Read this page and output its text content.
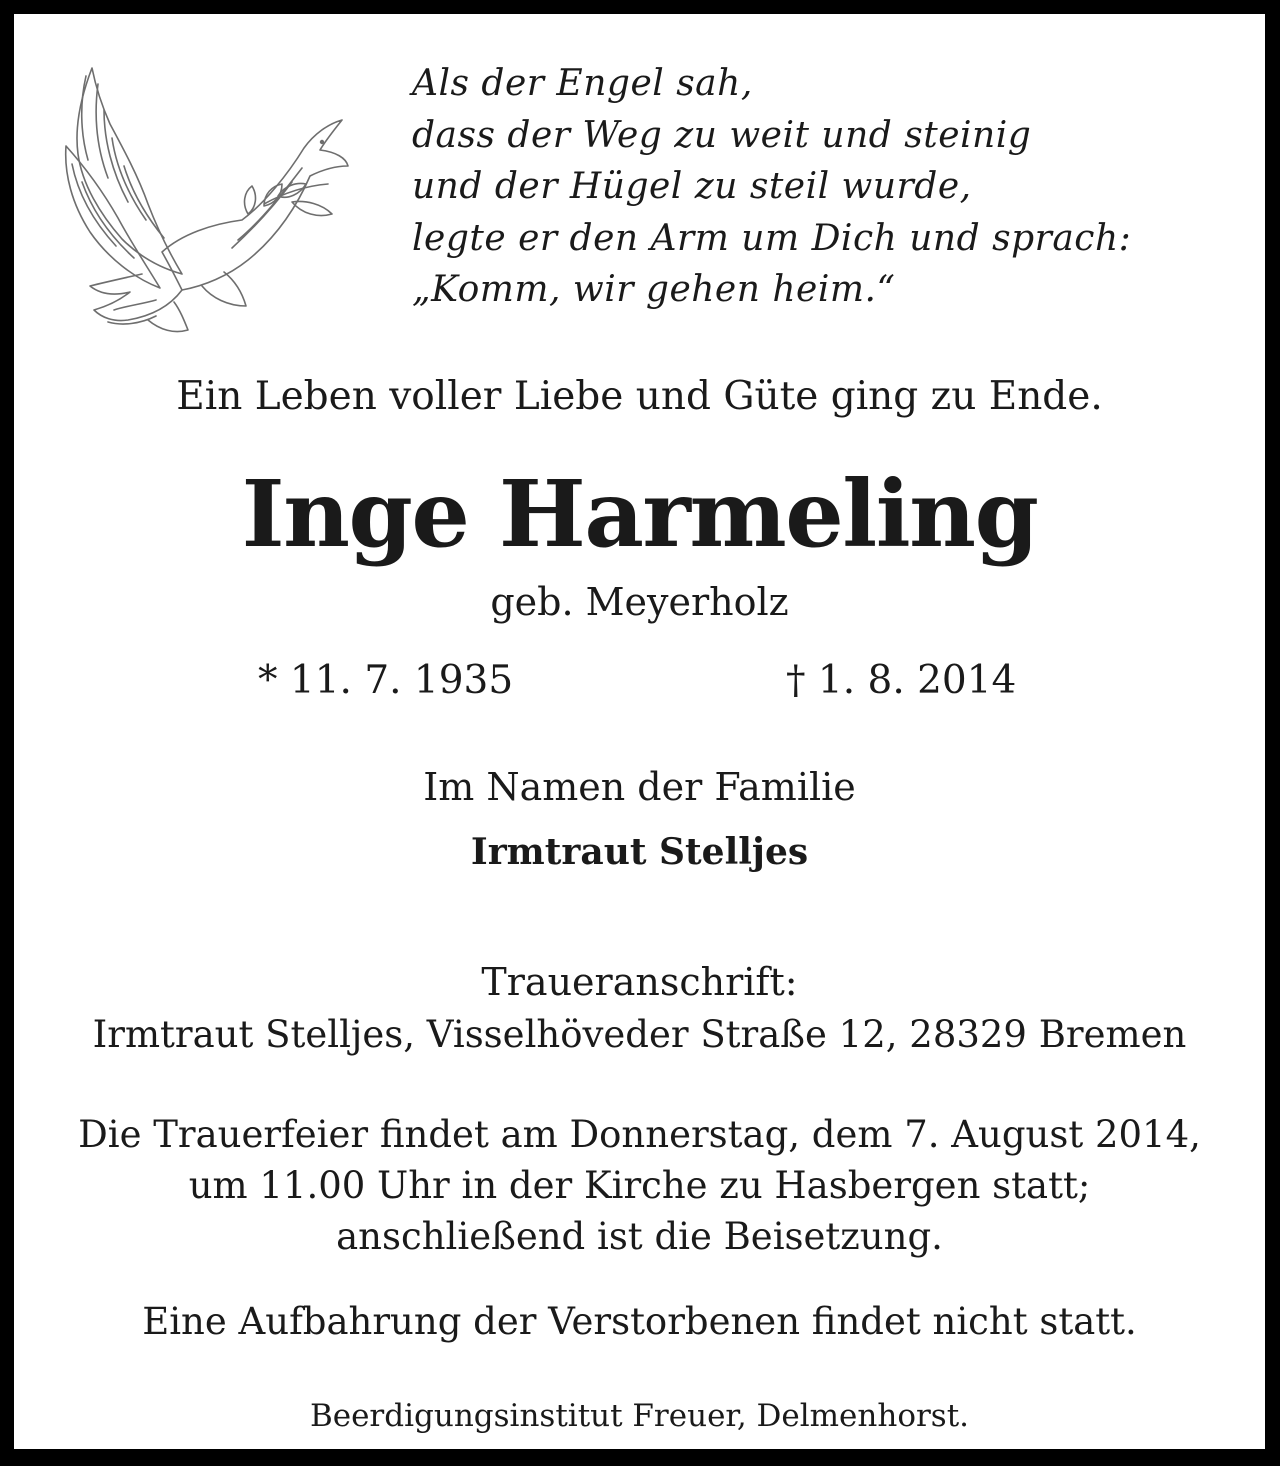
Als der Engel sah,
dass der Weg zu weit und steinig
und der Hügel zu steil wurde,
legte er den Arm um Dich und sprach:
„Komm, wir gehen heim.“
Ein Leben voller Liebe und Güte ging zu Ende.
Inge Harmeling
geb. Meyerholz
* 11. 7. 1935	† 1. 8. 2014
Im Namen der Familie
Irmtraut Stelljes
Traueranschrift:
Irmtraut Stelljes, Visselhöveder Straße 12, 28329 Bremen
Die Trauerfeier findet am Donnerstag, dem 7. August 2014,
um 11.00 Uhr in der Kirche zu Hasbergen statt;
anschließend ist die Beisetzung.
Eine Aufbahrung der Verstorbenen findet nicht statt.
Beerdigungsinstitut Freuer, Delmenhorst.
